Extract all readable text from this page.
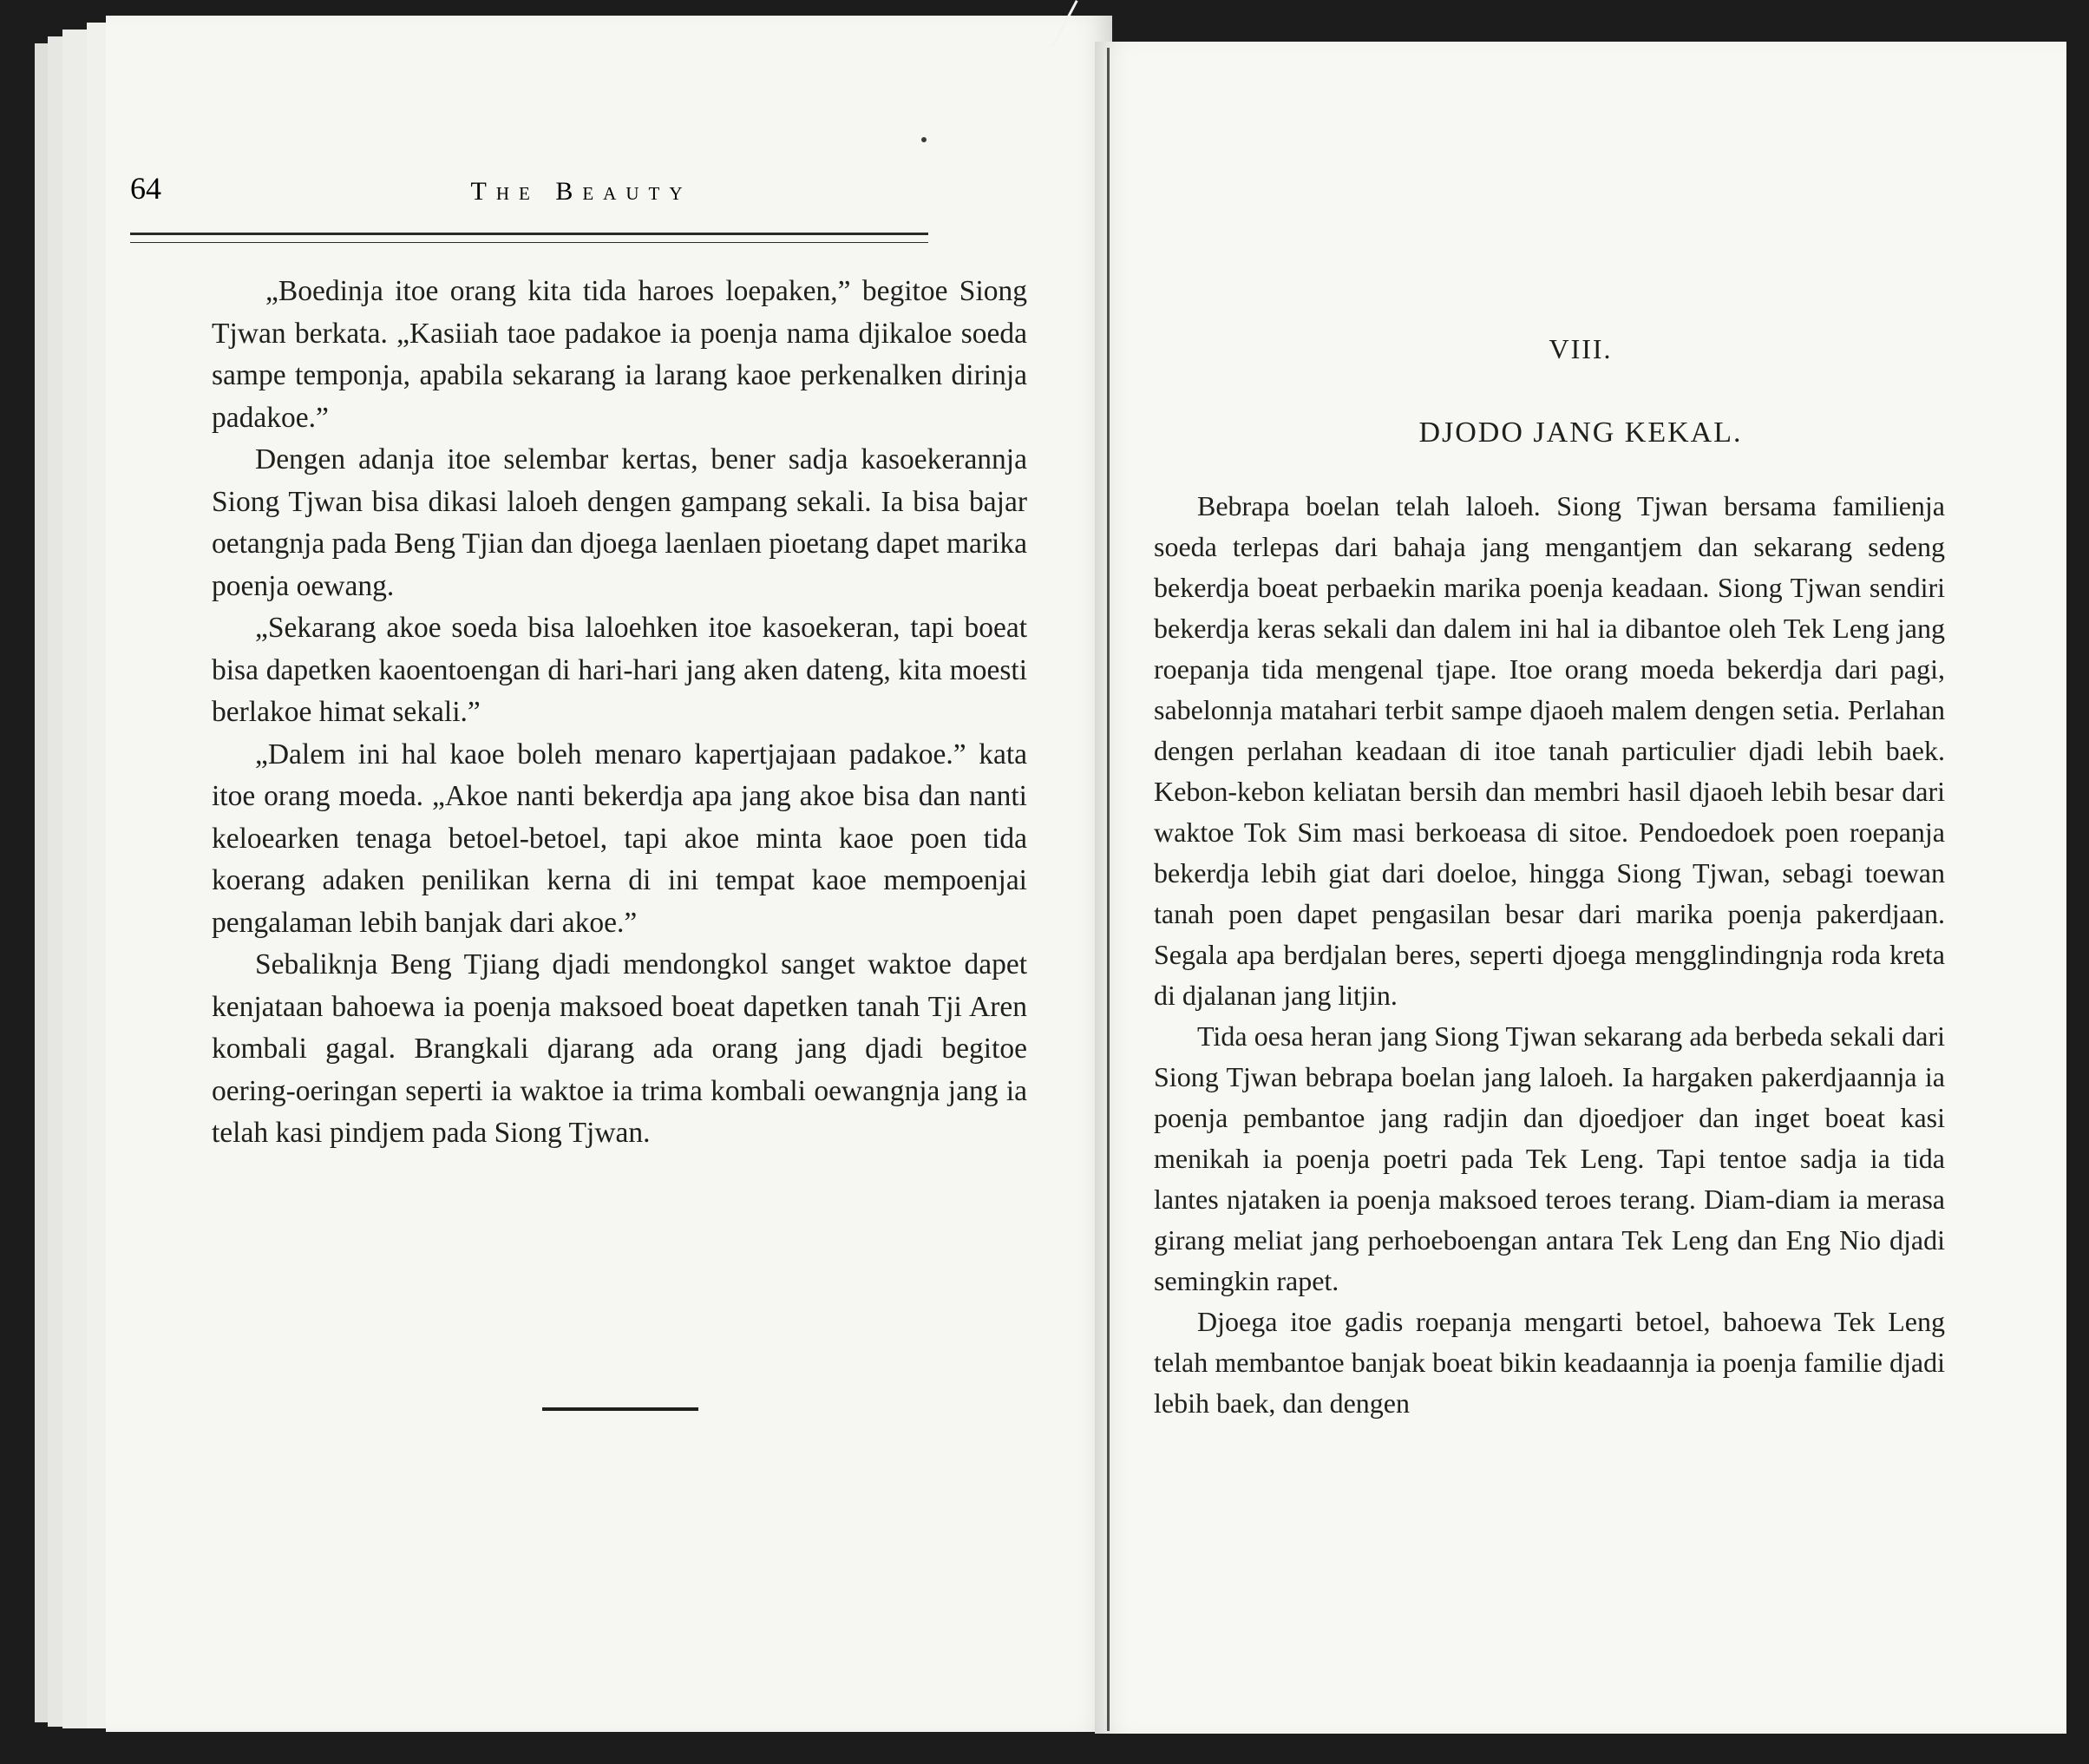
64	The Beauty

„Boedinja itoe orang kita tida haroes loepaken,” begitoe Siong Tjwan berkata. „Kasiiah taoe padakoe ia poenja nama djikaloe soeda sampe temponja, apabila sekarang ia larang kaoe perkenalken dirinja padakoe.”

Dengen adanja itoe selembar kertas, bener sadja kasoekerannja Siong Tjwan bisa dikasi laloeh dengen gampang sekali. Ia bisa bajar oetangnja pada Beng Tjian dan djoega laenlaen pioetang dapet marika poenja oewang.

„Sekarang akoe soeda bisa laloehken itoe kasoekeran, tapi boeat bisa dapetken kaoentoengan di hari-hari jang aken dateng, kita moesti berlakoe himat sekali.”

„Dalem ini hal kaoe boleh menaro kapertjajaan padakoe.” kata itoe orang moeda. „Akoe nanti bekerdja apa jang akoe bisa dan nanti keloearken tenaga betoel-betoel, tapi akoe minta kaoe poen tida koerang adaken penilikan kerna di ini tempat kaoe mempoenjai pengalaman lebih banjak dari akoe.”

Sebaliknja Beng Tjiang djadi mendongkol sanget waktoe dapet kenjataan bahoewa ia poenja maksoed boeat dapetken tanah Tji Aren kombali gagal. Brangkali djarang ada orang jang djadi begitoe oering-oeringan seperti ia waktoe ia trima kombali oewangnja jang ia telah kasi pindjem pada Siong Tjwan.

VIII.
DJODO JANG KEKAL.

Bebrapa boelan telah laloeh. Siong Tjwan bersama familienja soeda terlepas dari bahaja jang mengantjem dan sekarang sedeng bekerdja boeat perbaekin marika poenja keadaan. Siong Tjwan sendiri bekerdja keras sekali dan dalem ini hal ia dibantoe oleh Tek Leng jang roepanja tida mengenal tjape. Itoe orang moeda bekerdja dari pagi, sabelonnja matahari terbit sampe djaoeh malem dengen setia. Perlahan dengen perlahan keadaan di itoe tanah particulier djadi lebih baek. Kebon-kebon keliatan bersih dan membri hasil djaoeh lebih besar dari waktoe Tok Sim masi berkoeasa di sitoe. Pendoedoek poen roepanja bekerdja lebih giat dari doeloe, hingga Siong Tjwan, sebagi toewan tanah poen dapet pengasilan besar dari marika poenja pakerdjaan. Segala apa berdjalan beres, seperti djoega mengglindingnja roda kreta di djalanan jang litjin.

Tida oesa heran jang Siong Tjwan sekarang ada berbeda sekali dari Siong Tjwan bebrapa boelan jang laloeh. Ia hargaken pakerdjaannja ia poenja pembantoe jang radjin dan djoedjoer dan inget boeat kasi menikah ia poenja poetri pada Tek Leng. Tapi tentoe sadja ia tida lantes njataken ia poenja maksoed teroes terang. Diam-diam ia merasa girang meliat jang perhoeboengan antara Tek Leng dan Eng Nio djadi semingkin rapet.

Djoega itoe gadis roepanja mengarti betoel, bahoewa Tek Leng telah membantoe banjak boeat bikin keadaannja ia poenja familie djadi lebih baek, dan dengen
